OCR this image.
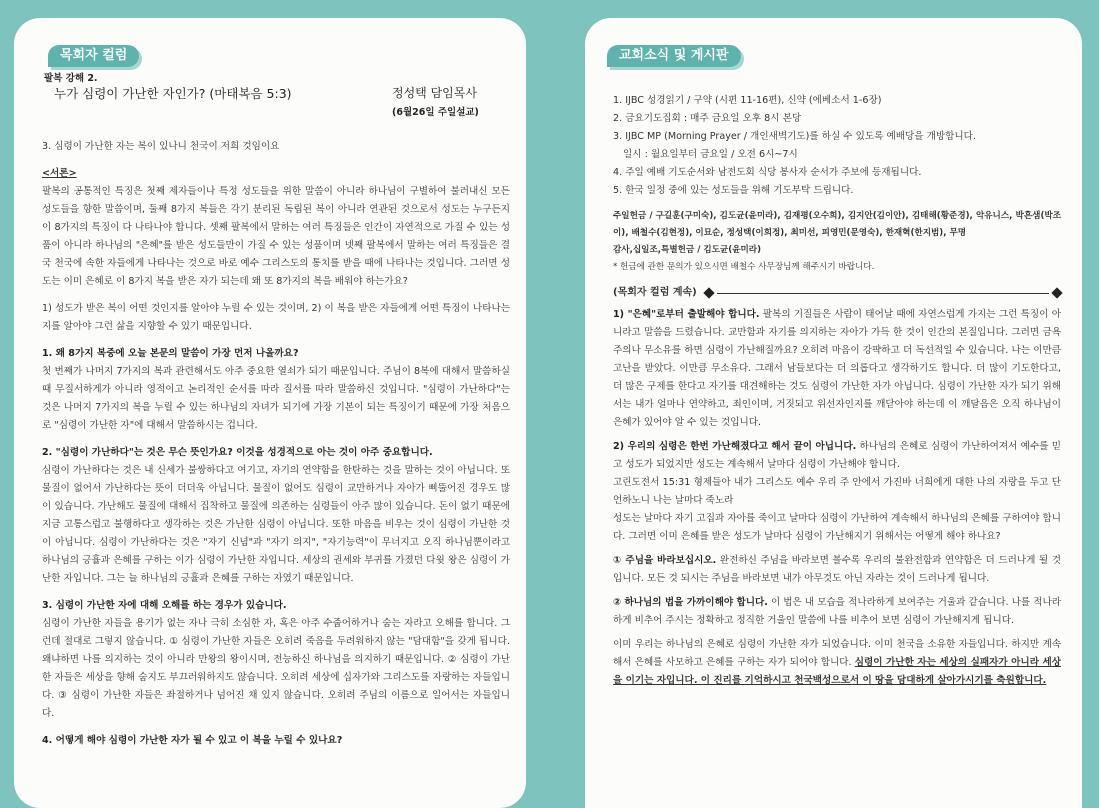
목회자 컬럼
팔복 강해 2.
누가 심령이 가난한 자인가? (마태복음 5:3)	정성택 담임목사
(6월26일 주일설교)

3. 심령이 가난한 자는 복이 있나니 천국이 저희 것임이요

<서론>

팔복의 공통적인 특징은 첫째 제자들이나 특정 성도들을 위한 말씀이 아니라 하나님이 구별하여 불러내신 모든 성도들을 향한 말씀이며, 둘째 8가지 복들은 각기 분리된 독립된 복이 아니라 연관된 것으로서 성도는 누구든지 이 8가지의 특징이 다 나타나야 합니다. 셋째 팔복에서 말하는 여러 특징들은 인간이 자연적으로 가질 수 있는 성품이 아니라 하나님의 "은혜"를 받은 성도들만이 가질 수 있는 성품이며 넷째 팔복에서 말하는 여러 특징들은 결국 천국에 속한 자들에게 나타나는 것으로 바로 예수 그리스도의 통치를 받을 때에 나타나는 것입니다. 그러면 성도는 이미 은혜로 이 8가지 복을 받은 자가 되는데 왜 또 8가지의 복을 배워야 하는가요?

1) 성도가 받은 복이 어떤 것인지를 알아야 누릴 수 있는 것이며, 2) 이 복을 받은 자들에게 어떤 특징이 나타나는지를 알아야 그런 삶을 지향할 수 있기 때문입니다.

1. 왜 8가지 복중에 오늘 본문의 말씀이 가장 먼저 나올까요?

첫 번째가 나머지 7가지의 복과 관련해서도 아주 중요한 열쇠가 되기 때문입니다. 주님이 8복에 대해서 말씀하실 때 무질서하게가 아니라 영적이고 논리적인 순서를 따라 질서를 따라 말씀하신 것입니다. "심령이 가난하다"는 것은 나머지 7가지의 복을 누릴 수 있는 하나님의 자녀가 되기에 가장 기본이 되는 특징이기 때문에 가장 처음으로 "심령이 가난한 자"에 대해서 말씀하시는 겁니다.

2. "심령이 가난하다"는 것은 무슨 뜻인가요? 이것을 성경적으로 아는 것이 아주 중요합니다.

심령이 가난하다는 것은 내 신세가 불쌍하다고 여기고, 자기의 연약함을 한탄하는 것을 말하는 것이 아닙니다. 또 물질이 없어서 가난하다는 뜻이 더더욱 아닙니다. 물질이 없어도 심령이 교만하거나 자아가 삐뚤어진 경우도 많이 있습니다. 가난해도 물질에 대해서 집착하고 물질에 의존하는 심령들이 아주 많이 있습니다. 돈이 없기 때문에 지금 고통스럽고 불행하다고 생각하는 것은 가난한 심령이 아닙니다. 또한 마음을 비우는 것이 심령이 가난한 것이 아닙니다. 심령이 가난하다는 것은 "자기 신념"과 "자기 의지", "자기능력"이 무너지고 오직 하나님뿐이라고 하나님의 긍휼과 은혜를 구하는 이가 심령이 가난한 자입니다. 세상의 권세와 부귀를 가졌던 다윗 왕은 심령이 가난한 자입니다. 그는 늘 하나님의 긍휼과 은혜를 구하는 자였기 때문입니다.

3. 심령이 가난한 자에 대해 오해를 하는 경우가 있습니다.

심령이 가난한 자들을 용기가 없는 자나 극히 소심한 자, 혹은 아주 수줍어하거나 숨는 자라고 오해를 합니다. 그런데 절대로 그렇지 않습니다. ① 심령이 가난한 자들은 오히려 죽음을 두려워하지 않는 "담대함"을 갖게 됩니다. 왜냐하면 나를 의지하는 것이 아니라 만왕의 왕이시며, 전능하신 하나님을 의지하기 때문입니다. ② 심령이 가난한 자들은 세상을 향해 숨지도 부끄러워하지도 않습니다. 오히려 세상에 십자가와 그리스도를 자랑하는 자들입니다. ③ 심령이 가난한 자들은 좌절하거나 넘어진 채 있지 않습니다. 오히려 주님의 이름으로 일어서는 자들입니다.

4. 어떻게 해야 심령이 가난한 자가 될 수 있고 이 복을 누릴 수 있나요?
교회소식 및 게시판
1. IJBC 성경읽기 / 구약 (시편 11-16편), 신약 (에베소서 1-6장)
2. 금요기도집회 : 매주 금요일 오후 8시 본당
3. IJBC MP (Morning Prayer / 개인새벽기도)를 하실 수 있도록 예배당을 개방합니다.
일시 : 월요일부터 금요일 / 오전 6시~7시
4. 주일 예배 기도순서와 남전도회 식당 봉사자 순서가 주보에 등재됩니다.
5. 한국 일정 중에 있는 성도들을 위해 기도부탁 드립니다.
주일헌금 / 구길훈(구미숙), 김도균(윤미라), 김재평(오수희), 김지안(김이안), 김태해(황준경), 악유니스, 박흔샘(박조이), 배철수(김현정), 이묘순, 정성택(이희정), 최미선, 피영민(문영숙), 한재혁(한지범), 무명
감사,십일조,특별헌금 / 김도균(윤미라)
* 헌금에 관한 문의가 있으시면 배철수 사무장님께 해주시기 바랍니다.
(목회자 컬럼 계속)

1) "은혜"로부터 출발해야 합니다. 팔복의 기질들은 사람이 태어날 때에 자연스럽게 가지는 그런 특징이 아니라고 말씀을 드렸습니다. 교만함과 자기를 의지하는 자아가 가득 한 것이 인간의 본질입니다. 그러면 금욕주의나 무소유를 하면 심령이 가난해질까요? 오히려 마음이 강퍅하고 더 독선적일 수 있습니다. 나는 이만큼 고난을 받았다. 이만큼 무소유다. 그래서 남들보다는 더 의롭다고 생각하기도 합니다. 더 많이 기도한다고, 더 많은 구제를 한다고 자기를 대견해하는 것도 심령이 가난한 자가 아닙니다. 심령이 가난한 자가 되기 위해서는 내가 얼마나 연약하고, 죄인이며, 거짓되고 위선자인지를 깨닫아야 하는데 이 깨달음은 오직 하나님이 은혜가 있어야 알 수 있는 것입니다.

2) 우리의 심령은 한번 가난해졌다고 해서 끝이 아닙니다. 하나님의 은혜로 심령이 가난하여져서 예수를 믿고 성도가 되었지만 성도는 계속해서 날마다 심령이 가난해야 합니다.
고린도전서 15:31 형제들아 내가 그리스도 예수 우리 주 안에서 가진바 너희에게 대한 나의 자랑을 두고 단언하노니 나는 날마다 죽노라

성도는 날마다 자기 고집과 자아를 죽이고 날마다 심령이 가난하여 계속해서 하나님의 은혜를 구하여야 합니다. 그러면 이미 은혜를 받은 성도가 날마다 심령이 가난해지기 위해서는 어떻게 해야 하나요?

① 주님을 바라보십시오. 완전하신 주님을 바라보면 볼수록 우리의 불완전함과 연약함은 더 드러나게 될 것입니다. 모든 것 되시는 주님을 바라보면 내가 아무것도 아닌 자라는 것이 드러나게 됩니다.

② 하나님의 법을 가까이해야 합니다. 이 법은 내 모습을 적나라하게 보여주는 거울과 같습니다. 나를 적나라하게 비추어 주시는 정확하고 정직한 거울인 말씀에 나를 비추어 보면 심령이 가난해지게 됩니다.

이미 우리는 하나님의 은혜로 심령이 가난한 자가 되었습니다. 이미 천국을 소유한 자들입니다. 하지만 계속해서 은혜를 사모하고 은혜를 구하는 자가 되어야 합니다. 심령이 가난한 자는 세상의 실패자가 아니라 세상을 이기는 자입니다. 이 진리를 기억하시고 천국백성으로서 이 땅을 담대하게 살아가시기를 축원합니다.
